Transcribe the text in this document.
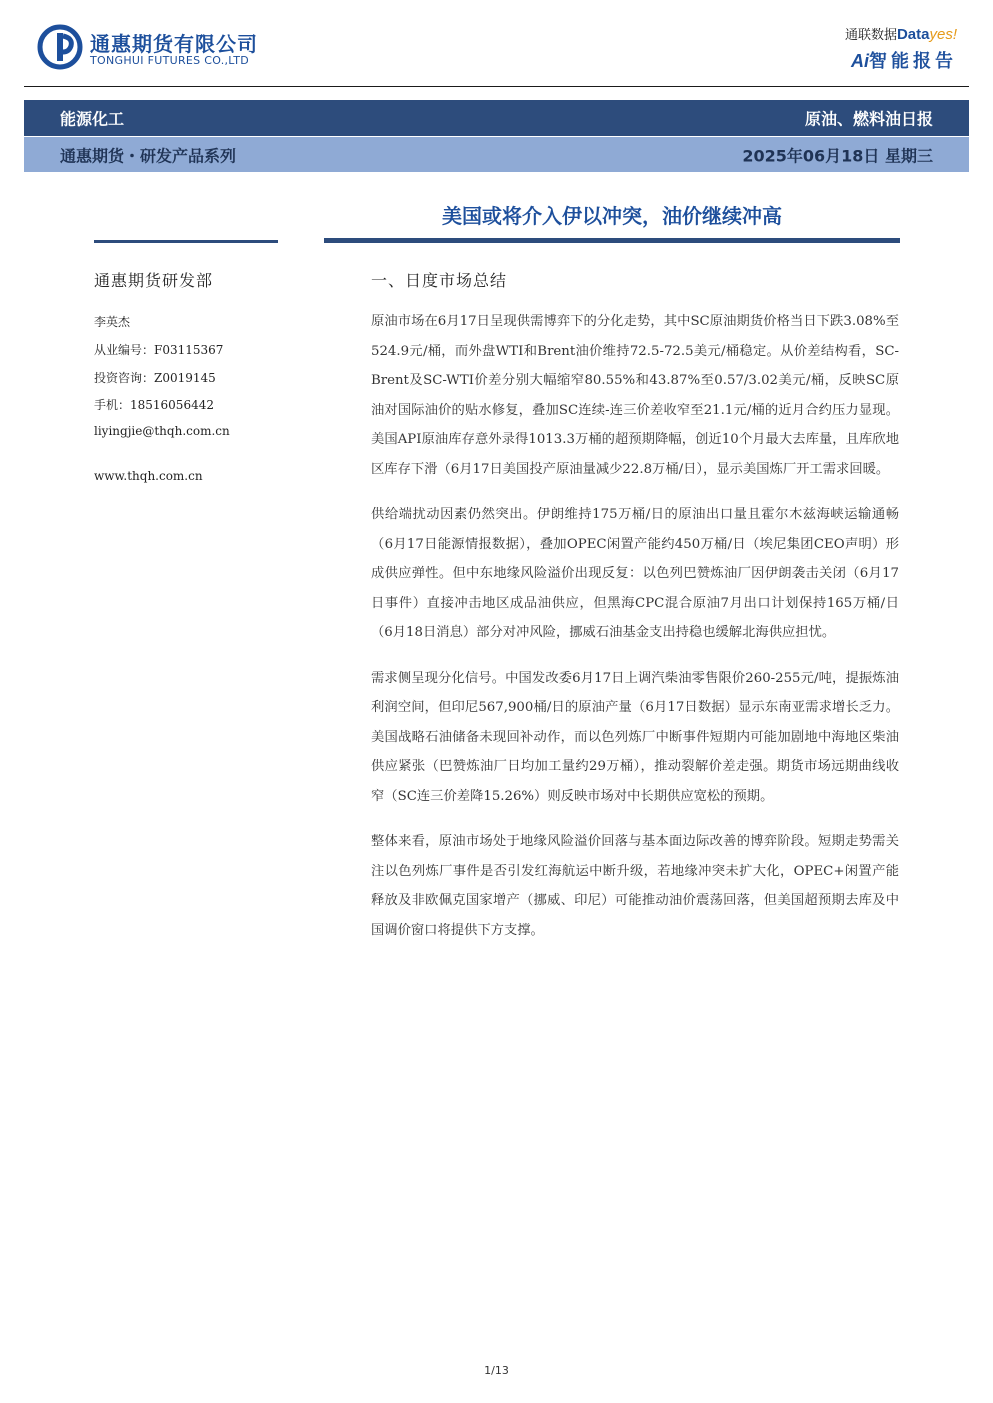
通惠期货有限公司
TONGHUI FUTURES CO.,LTD
通联数据Datayes!
Ai智能报告
能源化工	原油、燃料油日报
通惠期货・研发产品系列	2025年06月18日 星期三
美国或将介入伊以冲突，油价继续冲高
通惠期货研发部
李英杰
从业编号：F03115367
投资咨询：Z0019145
手机：18516056442
liyingjie@thqh.com.cn
www.thqh.com.cn
一、日度市场总结

原油市场在6月17日呈现供需博弈下的分化走势，其中SC原油期货价格当日下跌3.08%至524.9元/桶，而外盘WTI和Brent油价维持72.5-72.5美元/桶稳定。从价差结构看，SC-Brent及SC-WTI价差分别大幅缩窄80.55%和43.87%至0.57/3.02美元/桶，反映SC原油对国际油价的贴水修复，叠加SC连续-连三价差收窄至21.1元/桶的近月合约压力显现。美国API原油库存意外录得1013.3万桶的超预期降幅，创近10个月最大去库量，且库欣地区库存下滑（6月17日美国投产原油量减少22.8万桶/日），显示美国炼厂开工需求回暖。

供给端扰动因素仍然突出。伊朗维持175万桶/日的原油出口量且霍尔木兹海峡运输通畅（6月17日能源情报数据），叠加OPEC闲置产能约450万桶/日（埃尼集团CEO声明）形成供应弹性。但中东地缘风险溢价出现反复：以色列巴赞炼油厂因伊朗袭击关闭（6月17日事件）直接冲击地区成品油供应，但黑海CPC混合原油7月出口计划保持165万桶/日（6月18日消息）部分对冲风险，挪威石油基金支出持稳也缓解北海供应担忧。

需求侧呈现分化信号。中国发改委6月17日上调汽柴油零售限价260-255元/吨，提振炼油利润空间，但印尼567,900桶/日的原油产量（6月17日数据）显示东南亚需求增长乏力。美国战略石油储备未现回补动作，而以色列炼厂中断事件短期内可能加剧地中海地区柴油供应紧张（巴赞炼油厂日均加工量约29万桶），推动裂解价差走强。期货市场远期曲线收窄（SC连三价差降15.26%）则反映市场对中长期供应宽松的预期。

整体来看，原油市场处于地缘风险溢价回落与基本面边际改善的博弈阶段。短期走势需关注以色列炼厂事件是否引发红海航运中断升级，若地缘冲突未扩大化，OPEC+闲置产能释放及非欧佩克国家增产（挪威、印尼）可能推动油价震荡回落，但美国超预期去库及中国调价窗口将提供下方支撑。

1/13
